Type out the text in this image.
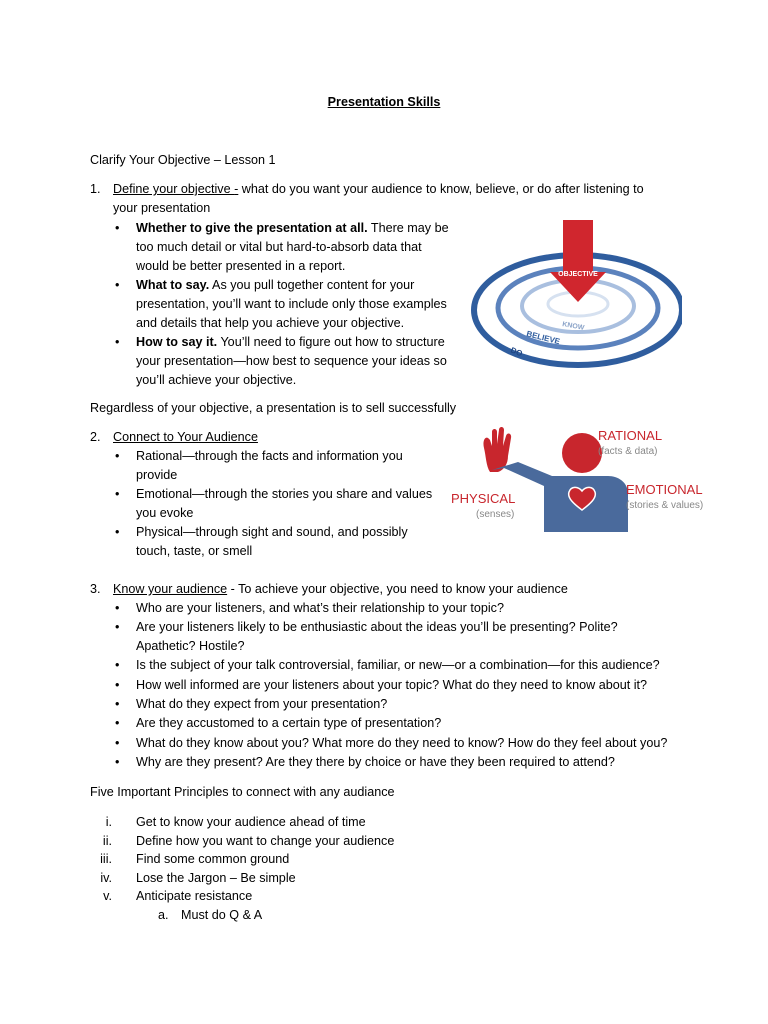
Presentation Skills
Clarify Your Objective – Lesson 1
1. Define your objective - what do you want your audience to know, believe, or do after listening to
your presentation
• Whether to give the presentation at all. There may be
too much detail or vital but hard-to-absorb data that
would be better presented in a report.
• What to say. As you pull together content for your
presentation, you’ll want to include only those examples
and details that help you achieve your objective.
• How to say it. You’ll need to figure out how to structure
your presentation—how best to sequence your ideas so
you’ll achieve your objective.
OBJECTIVE
KNOW
BELIEVE
DO
Regardless of your objective, a presentation is to sell successfully
2. Connect to Your Audience
• Rational—through the facts and information you
provide
• Emotional—through the stories you share and values
you evoke
• Physical—through sight and sound, and possibly
touch, taste, or smell
RATIONAL
(facts & data)
EMOTIONAL
(stories & values)
PHYSICAL
(senses)
3. Know your audience - To achieve your objective, you need to know your audience
• Who are your listeners, and what’s their relationship to your topic?
• Are your listeners likely to be enthusiastic about the ideas you’ll be presenting? Polite?
Apathetic? Hostile?
• Is the subject of your talk controversial, familiar, or new—or a combination—for this audience?
• How well informed are your listeners about your topic? What do they need to know about it?
• What do they expect from your presentation?
• Are they accustomed to a certain type of presentation?
• What do they know about you? What more do they need to know? How do they feel about you?
• Why are they present? Are they there by choice or have they been required to attend?
Five Important Principles to connect with any audiance
i. Get to know your audience ahead of time
ii. Define how you want to change your audience
iii. Find some common ground
iv. Lose the Jargon – Be simple
v. Anticipate resistance
a. Must do Q & A
